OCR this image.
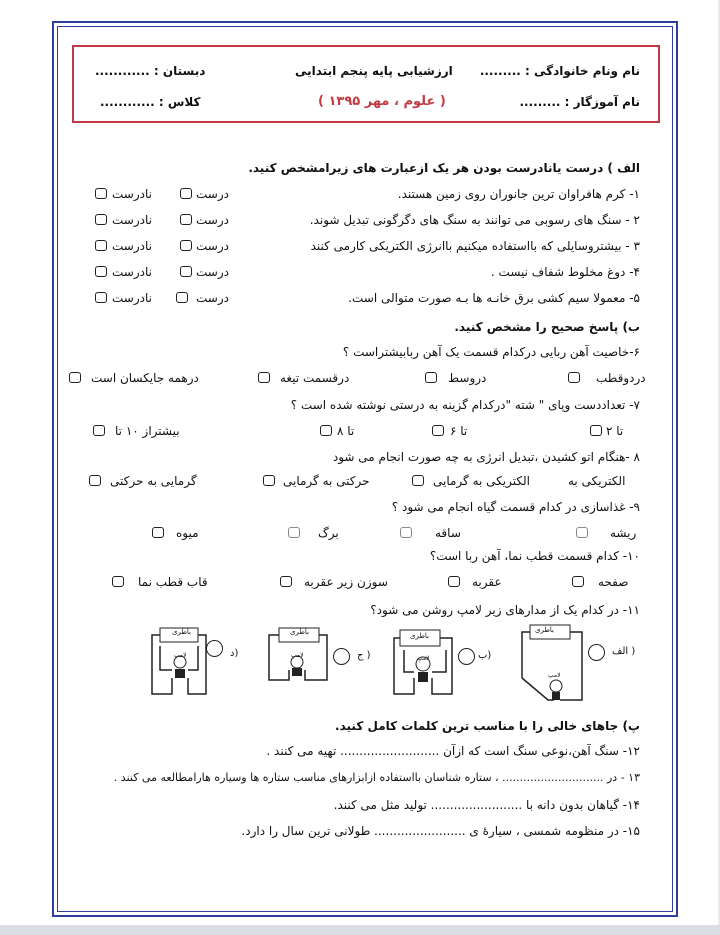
نام ونام خانوادگی : .........
ارزشیابی پایه پنجم ابتدایی
دبستان : ............
نام آموزگار : .........
( علوم ، مهر ۱۳۹۵ )
کلاس : ............
الف ) درست یانادرست بودن هر یک ازعبارت های زیرامشخص کنید.
۱- کرم هافراوان ترین جانوران روی زمین هستند.
۲ - سنگ های رسوبی می توانند به سنگ های دگرگونی تبدیل شوند.
۳ - بیشتروسایلی که بااستفاده میکنیم باانرژی الکتریکی کارمی کنند
۴- دوغ مخلوط شفاف نیست .
۵- معمولا سیم کشی برق خانـه ها بـه صورت متوالی است.
درست
نادرست
درست
نادرست
درست
نادرست
درست
نادرست
درست
نادرست
ب) پاسخ صحیح را مشخص کنید.
۶-خاصیت آهن ربایی درکدام قسمت یک آهن ربابیشتراست ؟
دردوقطب
دروسط
درقسمت تیغه
درهمه جایکسان است
۷- تعداددست وپای " شته "درکدام گزینه به درستی نوشته شده است ؟
۲ تا
۶ تا
۸ تا
بیشتراز ۱۰ تا
۸ -هنگام اتو کشیدن ،تبدیل انرژی به چه صورت انجام می شود
الکتریکی به
الکتریکی به گرمایی
حرکتی به گرمایی
گرمایی به حرکتی
۹- غذاسازی در کدام قسمت گیاه انجام می شود ؟
ریشه
ساقه
برگ
میوه
۱۰- کدام قسمت قطب نما، آهن ربا است؟
صفحه
عقربه
سوزن زیر عقربه
قاب قطب نما
۱۱- در کدام یک از مدارهای زیر لامپ روشن می شود؟
الف )
باطری
لامپ
ب)
باطری
لامپ
ج )
باطری
لامپ
د)
باطری
لامپ
پ) جاهای خالی را با مناسب ترین کلمات کامل کنید.
۱۲- سنگ آهن،نوعی سنگ است که ازآن .......................... تهیه می کنند .
۱۳ - در ............................. ، ستاره شناسان بااستفاده ازابزارهای مناسب ستاره ها وسیاره هارامطالعه می کنند .
۱۴- گیاهان بدون دانه با ........................ تولید مثل می کنند.
۱۵- در منظومه شمسی ، سیارهٔ ی ........................ طولانی ترین سال را دارد.
